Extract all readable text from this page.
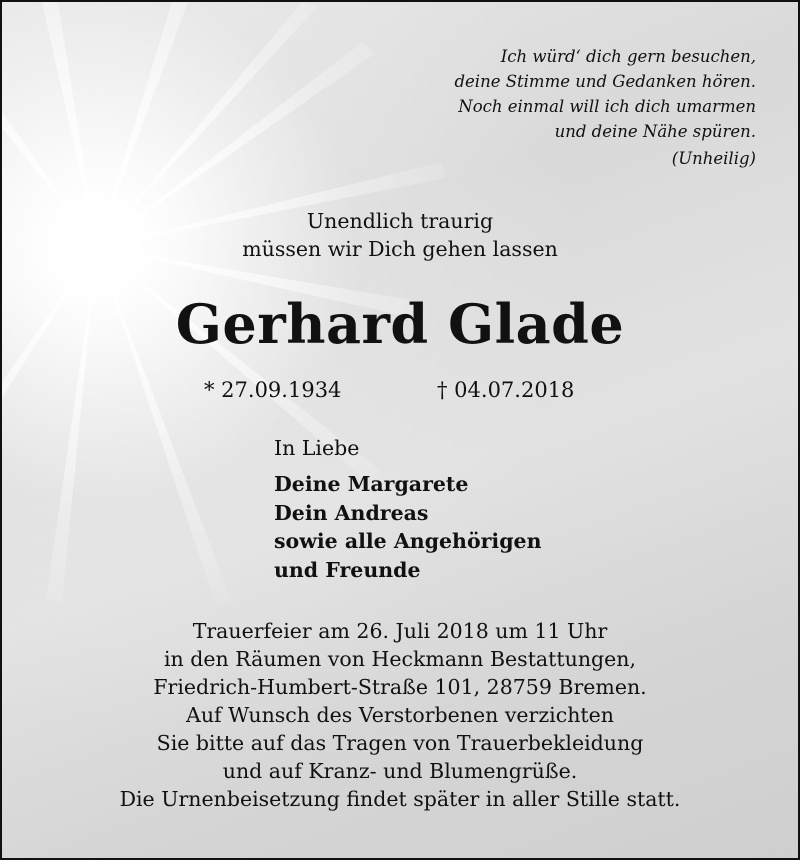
Ich würd‘ dich gern besuchen,
deine Stimme und Gedanken hören.
Noch einmal will ich dich umarmen
und deine Nähe spüren.
(Unheilig)
Unendlich traurig
müssen wir Dich gehen lassen
Gerhard Glade
* 27.09.1934	† 04.07.2018
In Liebe
Deine Margarete
Dein Andreas
sowie alle Angehörigen
und Freunde
Trauerfeier am 26. Juli 2018 um 11 Uhr
in den Räumen von Heckmann Bestattungen,
Friedrich-Humbert-Straße 101, 28759 Bremen.
Auf Wunsch des Verstorbenen verzichten
Sie bitte auf das Tragen von Trauerbekleidung
und auf Kranz- und Blumengrüße.
Die Urnenbeisetzung findet später in aller Stille statt.
